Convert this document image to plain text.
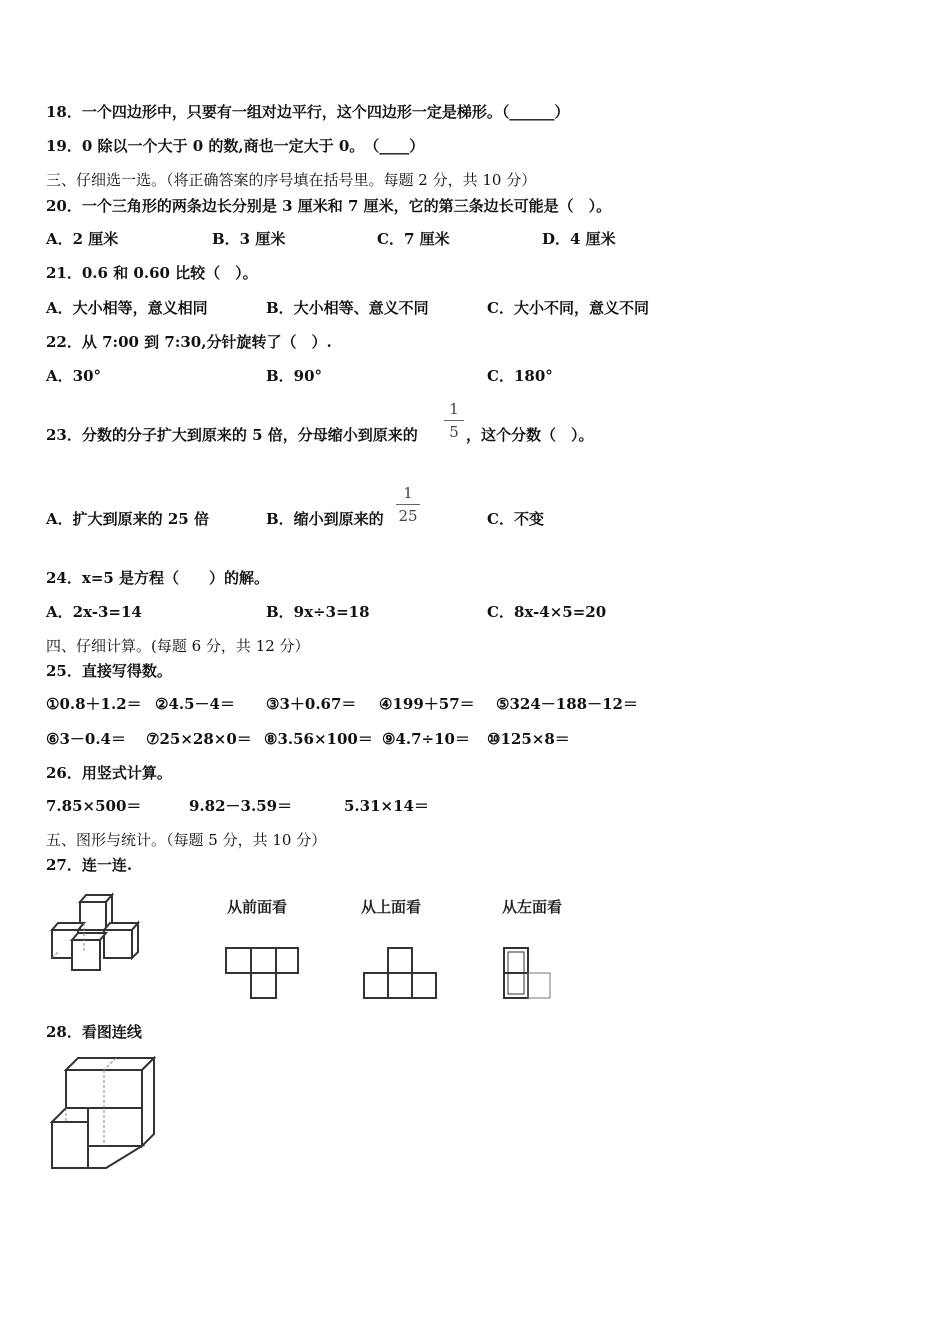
18．一个四边形中，只要有一组对边平行，这个四边形一定是梯形。（______）
19．0 除以一个大于 0 的数,商也一定大于 0。　（____）
三、仔细选一选。（将正确答案的序号填在括号里。每题 2 分，共 10 分）
20．一个三角形的两条边长分别是 3 厘米和 7 厘米，它的第三条边长可能是（　）。
A．2 厘米	B．3 厘米	C．7 厘米	D．4 厘米
21．0.6 和 0.60 比较（　）。
A．大小相等，意义相同	B．大小相等、意义不同	C．大小不同，意义不同
22．从 7:00 到 7:30,分针旋转了（　）.
A．30°	B．90°	C．180°
23．分数的分子扩大到原来的 5 倍，分母缩小到原来的
1
5 ，这个分数（　）。
A．扩大到原来的 25 倍	B．缩小到原来的
1
25	C．不变
24．x=5 是方程（　　）的解。
A．2x-3=14	B．9x÷3=18	C．8x-4×5=20
四、仔细计算。(每题 6 分，共 12 分）
25．直接写得数。
①0.8＋1.2＝ ②4.5－4＝ ③3＋0.67＝ ④199＋57＝ ⑤324－188－12＝
⑥3－0.4＝ ⑦25×28×0＝ ⑧3.56×100＝ ⑨4.7÷10＝ ⑩125×8＝
26．用竖式计算。
7.85×500＝	9.82－3.59＝	5.31×14＝
五、图形与统计。（每题 5 分，共 10 分）
27．连一连.
从前面看	从上面看	从左面看
28．看图连线
